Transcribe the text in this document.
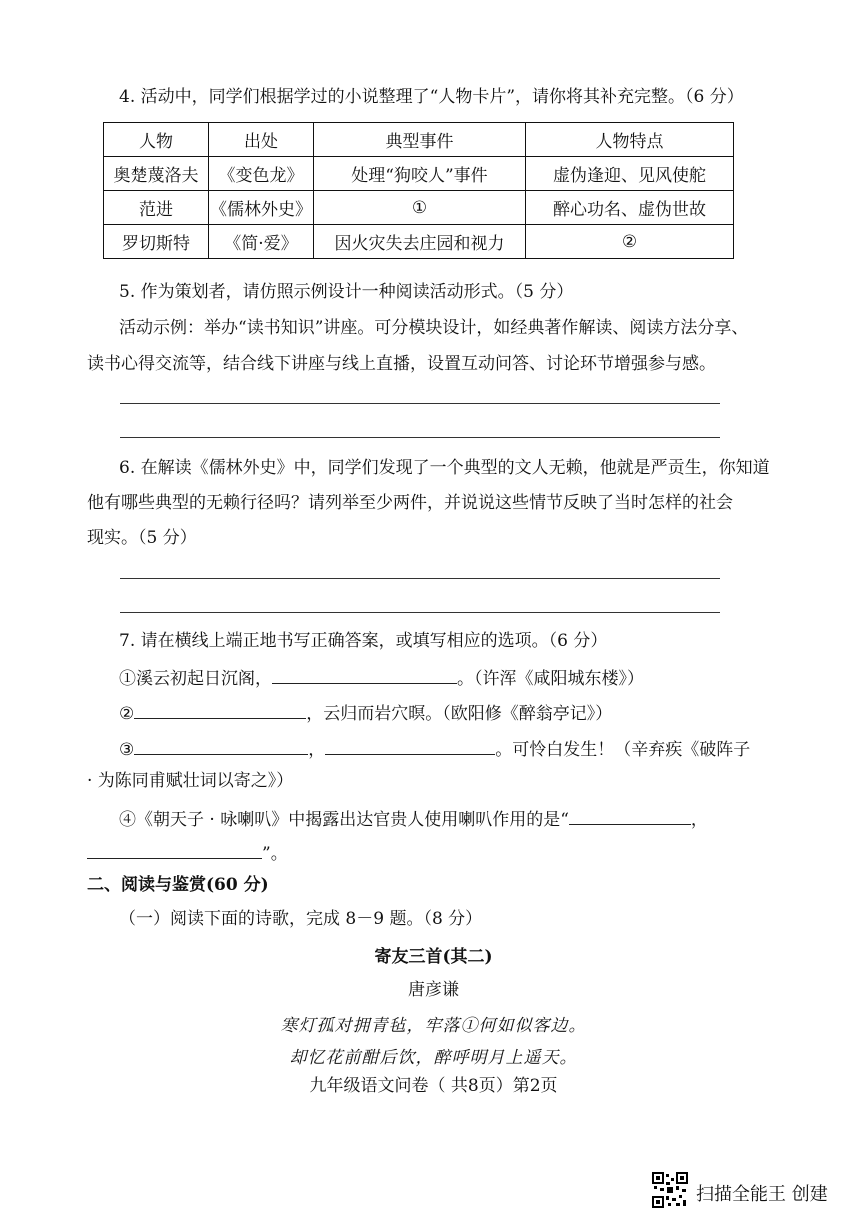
4. 活动中，同学们根据学过的小说整理了“人物卡片”，请你将其补充完整。（6 分）
人物	出处	典型事件	人物特点
奥楚蔑洛夫	《变色龙》	处理“狗咬人”事件	虚伪逢迎、见风使舵
范进	《儒林外史》	①	醉心功名、虚伪世故
罗切斯特	《简·爱》	因火灾失去庄园和视力	②
5. 作为策划者，请仿照示例设计一种阅读活动形式。（5 分）
活动示例：举办“读书知识”讲座。可分模块设计，如经典著作解读、阅读方法分享、
读书心得交流等，结合线下讲座与线上直播，设置互动问答、讨论环节增强参与感。
6. 在解读《儒林外史》中，同学们发现了一个典型的文人无赖，他就是严贡生，你知道
他有哪些典型的无赖行径吗？请列举至少两件，并说说这些情节反映了当时怎样的社会
现实。（5 分）
7. 请在横线上端正地书写正确答案，或填写相应的选项。（6 分）
①溪云初起日沉阁，	。（许浑《咸阳城东楼》）
②	，云归而岩穴暝。（欧阳修《醉翁亭记》）
③	，	。可怜白发生！（辛弃疾《破阵子
· 为陈同甫赋壮词以寄之》）
④《朝天子 · 咏喇叭》中揭露出达官贵人使用喇叭作用的是“	，
”。
二、阅读与鉴赏(60 分)
（一）阅读下面的诗歌，完成 8－9 题。（8 分）
寄友三首(其二)
唐彦谦
寒灯孤对拥青毡，牢落①何如似客边。
却忆花前酣后饮，醉呼明月上遥天。
九年级语文问卷（ 共8页）第2页
扫描全能王 创建
